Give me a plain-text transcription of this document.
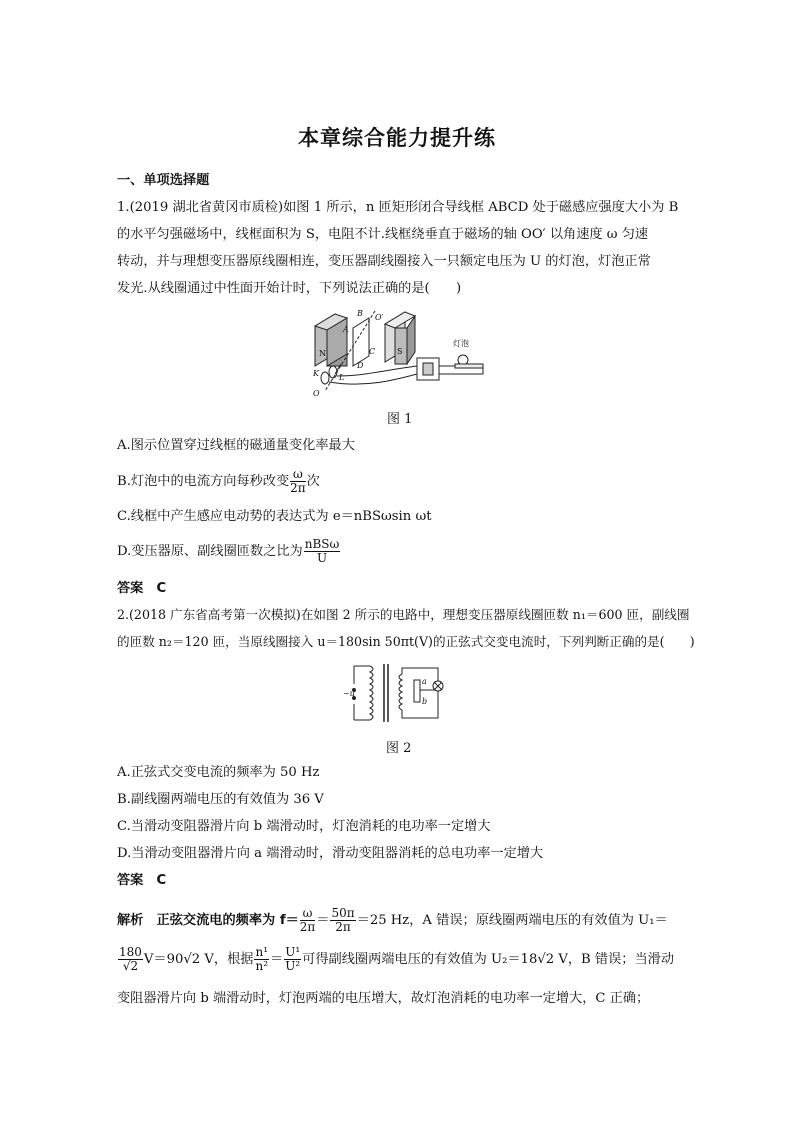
本章综合能力提升练
一、单项选择题
1.(2019 湖北省黄冈市质检)如图 1 所示，n 匝矩形闭合导线框 ABCD 处于磁感应强度大小为 B
的水平匀强磁场中，线框面积为 S，电阻不计.线框绕垂直于磁场的轴 OO′ 以角速度 ω 匀速
转动，并与理想变压器原线圈相连，变压器副线圈接入一只额定电压为 U 的灯泡，灯泡正常
发光.从线圈通过中性面开始计时，下列说法正确的是(　　)
N	S
A
B
C
D
O′
O
K	L
灯泡
图 1
A.图示位置穿过线框的磁通量变化率最大
B.灯泡中的电流方向每秒改变 $\frac{\omega}{2\pi}$ 次
C.线框中产生感应电动势的表达式为 e＝nBSωsin ωt
D.变压器原、副线圈匝数之比为 nBSω
U
答案　C
2.(2018 广东省高考第一次模拟)在如图 2 所示的电路中，理想变压器原线圈匝数 n₁＝600 匝，副线圈
的匝数 n₂＝120 匝，当原线圈接入 u＝180sin 50πt(V)的正弦式交变电流时，下列判断正确的是(　　)
~u
a
b
图 2
A.正弦式交变电流的频率为 50 Hz
B.副线圈两端电压的有效值为 36 V
C.当滑动变阻器滑片向 b 端滑动时，灯泡消耗的电功率一定增大
D.当滑动变阻器滑片向 a 端滑动时，滑动变阻器消耗的总电功率一定增大
答案　C
解析　正弦交流电的频率为 $f= \frac{\omega}{2\pi} = \frac{50\pi}{2\pi} =25$ Hz，A 错误；原线圈两端电压的有效值为 U₁＝
$\frac{180}{√2} V=90√2$ V，根据 $\frac{\text{n¹}}{\text{n²}} = \frac{\text{U¹}}{\text{U²}}$ 可得副线圈两端电压的有效值为 U₂＝18√2 V，B 错误；当滑动
变阻器滑片向 b 端滑动时，灯泡两端的电压增大，故灯泡消耗的电功率一定增大，C 正确；
